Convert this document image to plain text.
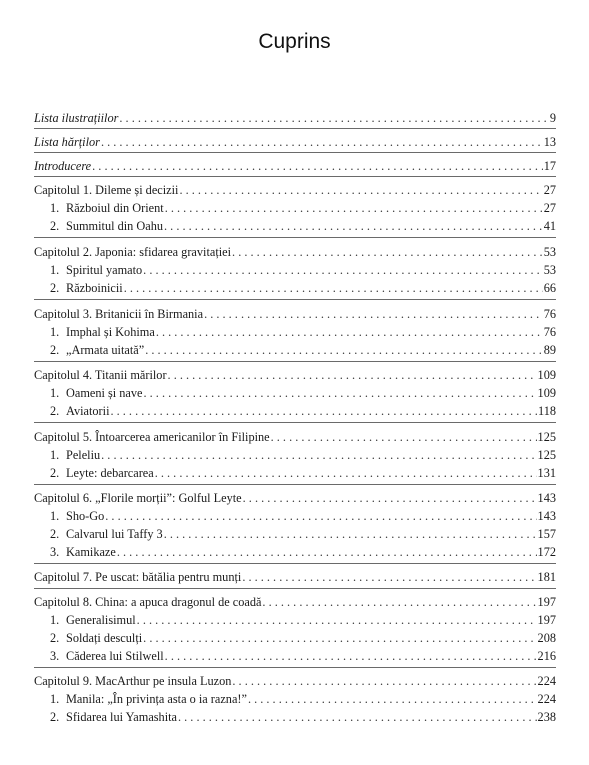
Cuprins
Lista ilustrațiilor . . .	9
Lista hărților . . .	13
Introducere . . .	17
Capitolul 1. Dileme și decizii . . .	27
1. Războiul din Orient . . .	27
2. Summitul din Oahu . . .	41
Capitolul 2. Japonia: sfidarea gravitației . . .	53
1. Spiritul yamato . . .	53
2. Războinicii . . .	66
Capitolul 3. Britanicii în Birmania . . .	76
1. Imphal și Kohima . . .	76
2. „Armata uitată” . . .	89
Capitolul 4. Titanii mărilor . . .	109
1. Oameni și nave . . .	109
2. Aviatorii . . .	118
Capitolul 5. Întoarcerea americanilor în Filipine . . .	125
1. Peleliu . . .	125
2. Leyte: debarcarea . . .	131
Capitolul 6. „Florile morții”: Golful Leyte . . .	143
1. Sho-Go . . .	143
2. Calvarul lui Taffy 3 . . .	157
3. Kamikaze . . .	172
Capitolul 7. Pe uscat: bătălia pentru munți . . .	181
Capitolul 8. China: a apuca dragonul de coadă . . .	197
1. Generalisimul . . .	197
2. Soldați desculți . . .	208
3. Căderea lui Stilwell . . .	216
Capitolul 9. MacArthur pe insula Luzon . . .	224
1. Manila: „În privința asta o ia razna!” . . .	224
2. Sfidarea lui Yamashita . . .	238
